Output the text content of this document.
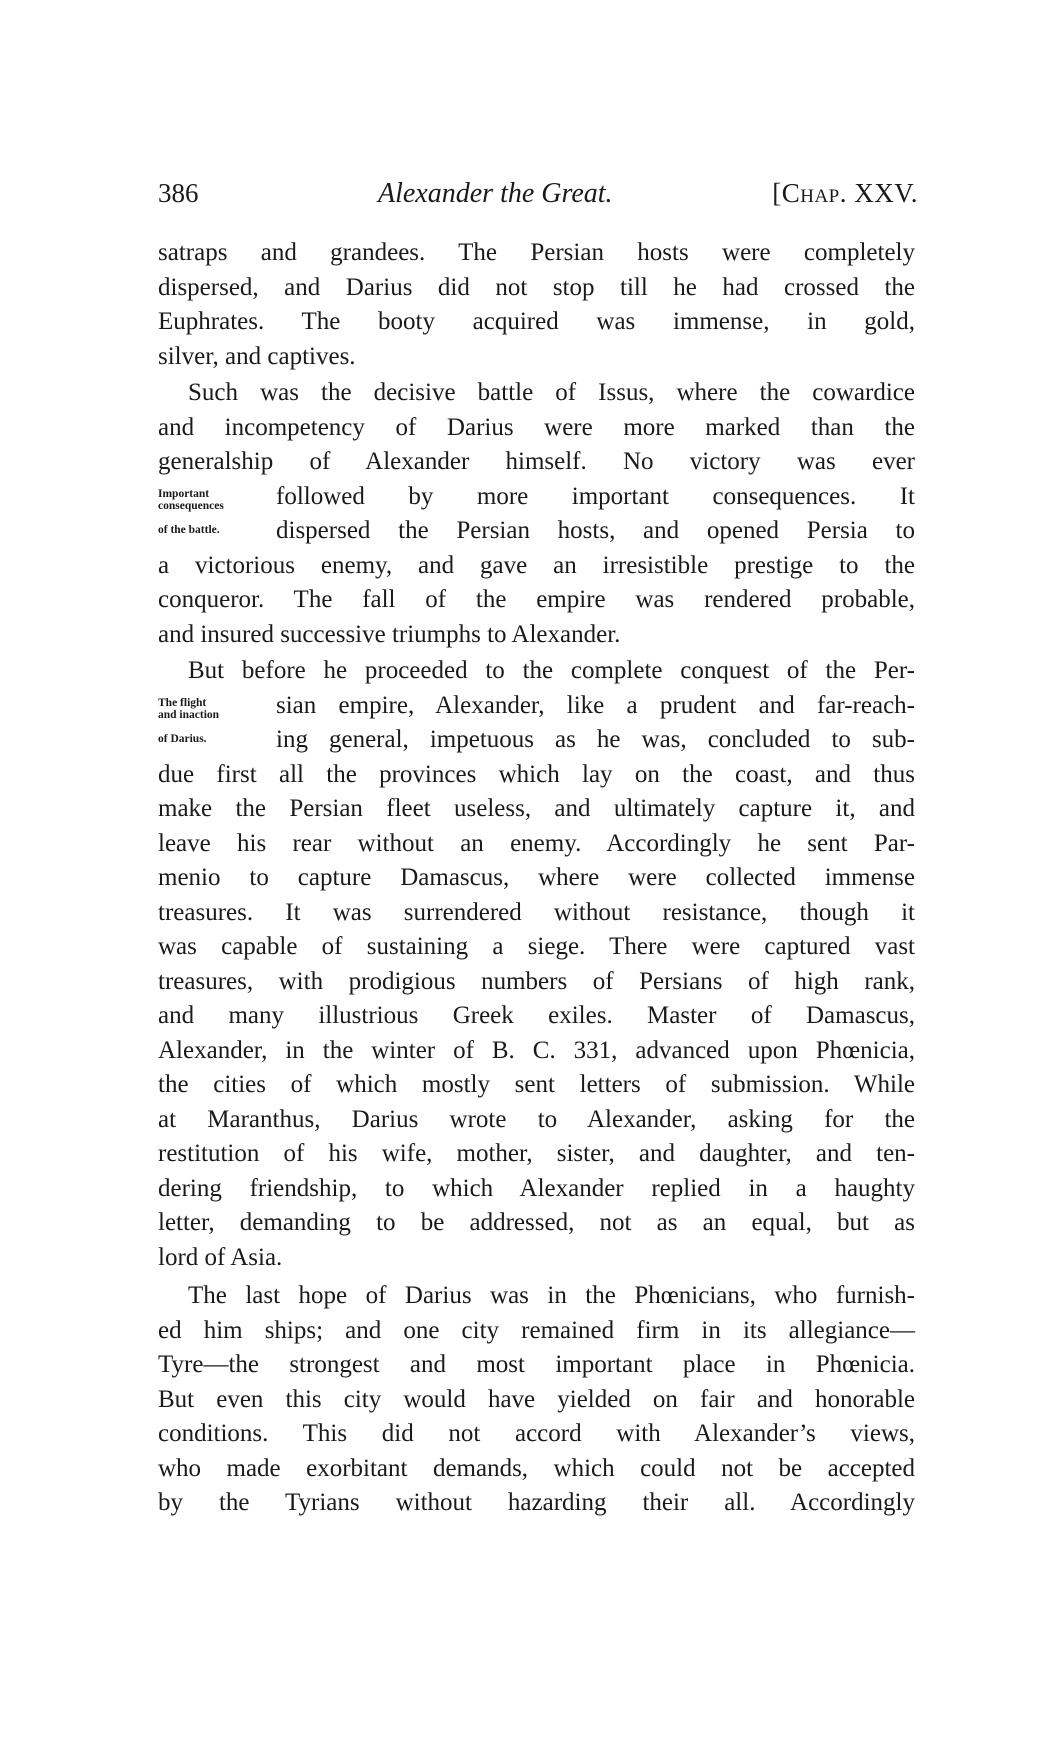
386	Alexander the Great.	[Chap. XXV.
satraps and grandees. The Persian hosts were completely
dispersed, and Darius did not stop till he had crossed the
Euphrates. The booty acquired was immense, in gold,
silver, and captives.
Such was the decisive battle of Issus, where the cowardice
and incompetency of Darius were more marked than the
generalship of Alexander himself. No victory was ever
Important
consequences	followed by more important consequences. It
of the battle.	dispersed the Persian hosts, and opened Persia to
a victorious enemy, and gave an irresistible prestige to the
conqueror. The fall of the empire was rendered probable,
and insured successive triumphs to Alexander.
But before he proceeded to the complete conquest of the Per-
The flight
and inaction	sian empire, Alexander, like a prudent and far-reach-
of Darius.	ing general, impetuous as he was, concluded to sub-
due first all the provinces which lay on the coast, and thus
make the Persian fleet useless, and ultimately capture it, and
leave his rear without an enemy. Accordingly he sent Par-
menio to capture Damascus, where were collected immense
treasures. It was surrendered without resistance, though it
was capable of sustaining a siege. There were captured vast
treasures, with prodigious numbers of Persians of high rank,
and many illustrious Greek exiles. Master of Damascus,
Alexander, in the winter of B. C. 331, advanced upon Phœnicia,
the cities of which mostly sent letters of submission. While
at Maranthus, Darius wrote to Alexander, asking for the
restitution of his wife, mother, sister, and daughter, and ten-
dering friendship, to which Alexander replied in a haughty
letter, demanding to be addressed, not as an equal, but as
lord of Asia.
The last hope of Darius was in the Phœnicians, who furnish-
ed him ships; and one city remained firm in its allegiance—
Tyre—the strongest and most important place in Phœnicia.
But even this city would have yielded on fair and honorable
conditions. This did not accord with Alexander’s views,
who made exorbitant demands, which could not be accepted
by the Tyrians without hazarding their all. Accordingly
